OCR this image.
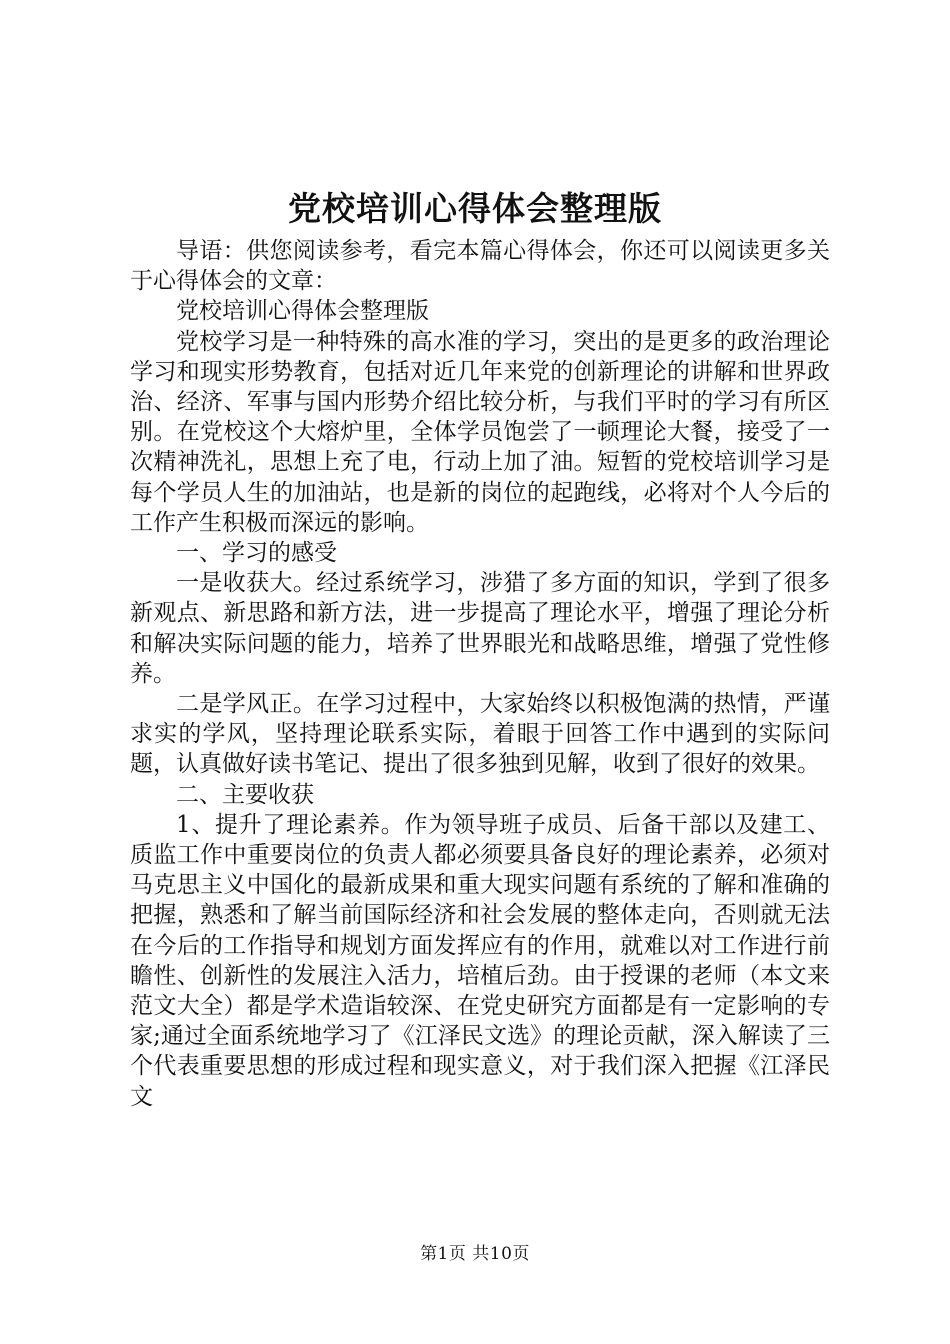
党校培训心得体会整理版

导语：供您阅读参考，看完本篇心得体会，你还可以阅读更多关于心得体会的文章：

党校培训心得体会整理版

党校学习是一种特殊的高水准的学习，突出的是更多的政治理论学习和现实形势教育，包括对近几年来党的创新理论的讲解和世界政治、经济、军事与国内形势介绍比较分析，与我们平时的学习有所区别。在党校这个大熔炉里，全体学员饱尝了一顿理论大餐，接受了一次精神洗礼，思想上充了电，行动上加了油。短暂的党校培训学习是每个学员人生的加油站，也是新的岗位的起跑线，必将对个人今后的工作产生积极而深远的影响。

一、学习的感受

一是收获大。经过系统学习，涉猎了多方面的知识，学到了很多新观点、新思路和新方法，进一步提高了理论水平，增强了理论分析和解决实际问题的能力，培养了世界眼光和战略思维，增强了党性修养。

二是学风正。在学习过程中，大家始终以积极饱满的热情，严谨求实的学风，坚持理论联系实际，着眼于回答工作中遇到的实际问题，认真做好读书笔记、提出了很多独到见解，收到了很好的效果。

二、主要收获

1、提升了理论素养。作为领导班子成员、后备干部以及建工、质监工作中重要岗位的负责人都必须要具备良好的理论素养，必须对马克思主义中国化的最新成果和重大现实问题有系统的了解和准确的把握，熟悉和了解当前国际经济和社会发展的整体走向，否则就无法在今后的工作指导和规划方面发挥应有的作用，就难以对工作进行前瞻性、创新性的发展注入活力，培植后劲。由于授课的老师（本文来范文大全）都是学术造诣较深、在党史研究方面都是有一定影响的专家;通过全面系统地学习了《江泽民文选》的理论贡献，深入解读了三个代表重要思想的形成过程和现实意义，对于我们深入把握《江泽民文

第1页 共10页
